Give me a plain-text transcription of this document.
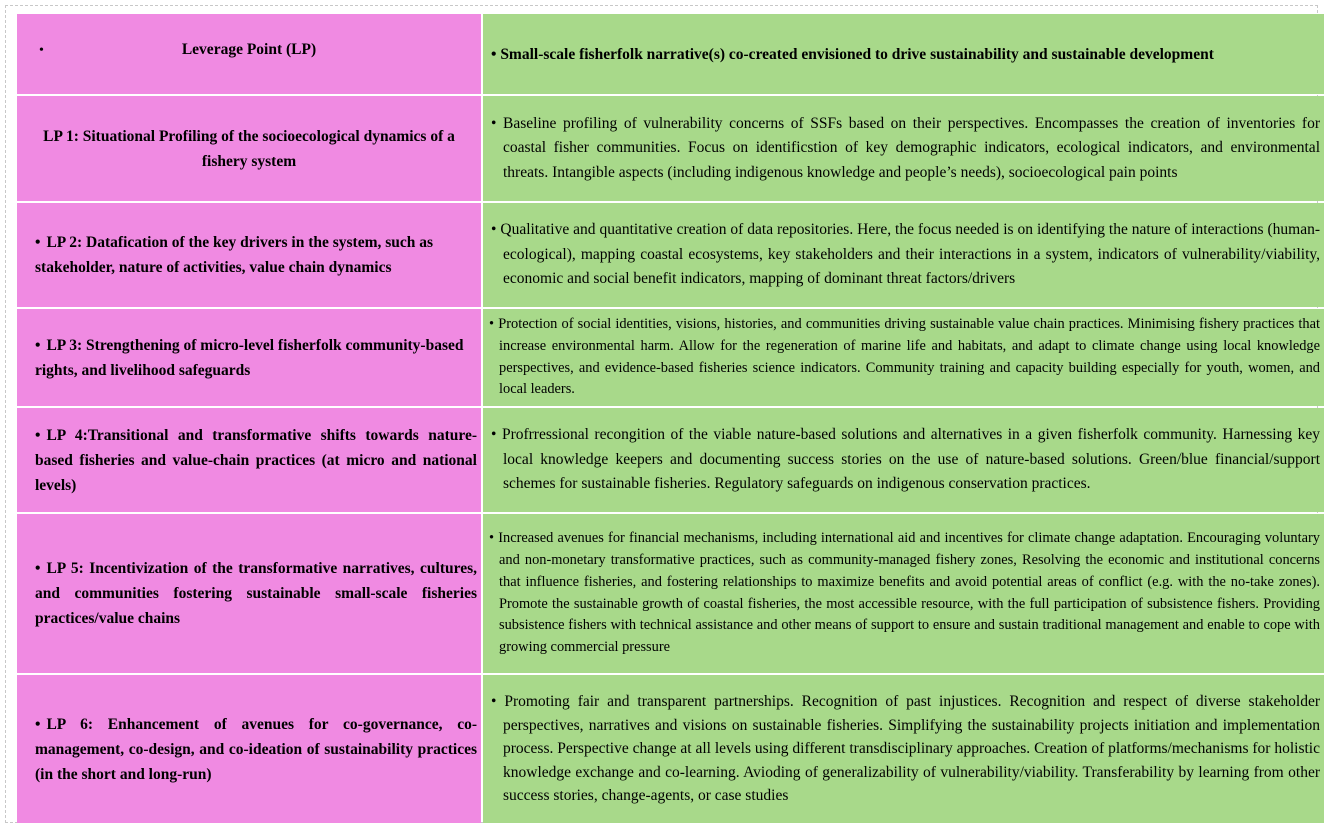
• Leverage Point (LP)	• Small-scale fisherfolk narrative(s) co-created envisioned to drive sustainability and sustainable development

LP 1: Situational Profiling of the socioecological dynamics of a fishery system	• Baseline profiling of vulnerability concerns of SSFs based on their perspectives. Encompasses the creation of inventories for coastal fisher communities. Focus on identificstion of key demographic indicators, ecological indicators, and environmental threats. Intangible aspects (including indigenous knowledge and people’s needs), socioecological pain points

• LP 2: Datafication of the key drivers in the system, such as stakeholder, nature of activities, value chain dynamics	• Qualitative and quantitative creation of data repositories. Here, the focus needed is on identifying the nature of interactions (human-ecological), mapping coastal ecosystems, key stakeholders and their interactions in a system, indicators of vulnerability/viability, economic and social benefit indicators, mapping of dominant threat factors/drivers

• LP 3: Strengthening of micro-level fisherfolk community-based rights, and livelihood safeguards	• Protection of social identities, visions, histories, and communities driving sustainable value chain practices. Minimising fishery practices that increase environmental harm. Allow for the regeneration of marine life and habitats, and adapt to climate change using local knowledge perspectives, and evidence-based fisheries science indicators. Community training and capacity building especially for youth, women, and local leaders.

• LP 4:Transitional and transformative shifts towards nature-based fisheries and value-chain practices (at micro and national levels)	• Profrressional recongition of the viable nature-based solutions and alternatives in a given fisherfolk community. Harnessing key local knowledge keepers and documenting success stories on the use of nature-based solutions. Green/blue financial/support schemes for sustainable fisheries. Regulatory safeguards on indigenous conservation practices.

• LP 5: Incentivization of the transformative narratives, cultures, and communities fostering sustainable small-scale fisheries practices/value chains	• Increased avenues for financial mechanisms, including international aid and incentives for climate change adaptation. Encouraging voluntary and non-monetary transformative practices, such as community-managed fishery zones, Resolving the economic and institutional concerns that influence fisheries, and fostering relationships to maximize benefits and avoid potential areas of conflict (e.g. with the no-take zones). Promote the sustainable growth of coastal fisheries, the most accessible resource, with the full participation of subsistence fishers. Providing subsistence fishers with technical assistance and other means of support to ensure and sustain traditional management and enable to cope with growing commercial pressure

• LP 6: Enhancement of avenues for co-governance, co-management, co-design, and co-ideation of sustainability practices (in the short and long-run)	• Promoting fair and transparent partnerships. Recognition of past injustices. Recognition and respect of diverse stakeholder perspectives, narratives and visions on sustainable fisheries. Simplifying the sustainability projects initiation and implementation process. Perspective change at all levels using different transdisciplinary approaches. Creation of platforms/mechanisms for holistic knowledge exchange and co-learning. Avioding of generalizability of vulnerability/viability. Transferability by learning from other success stories, change-agents, or case studies
